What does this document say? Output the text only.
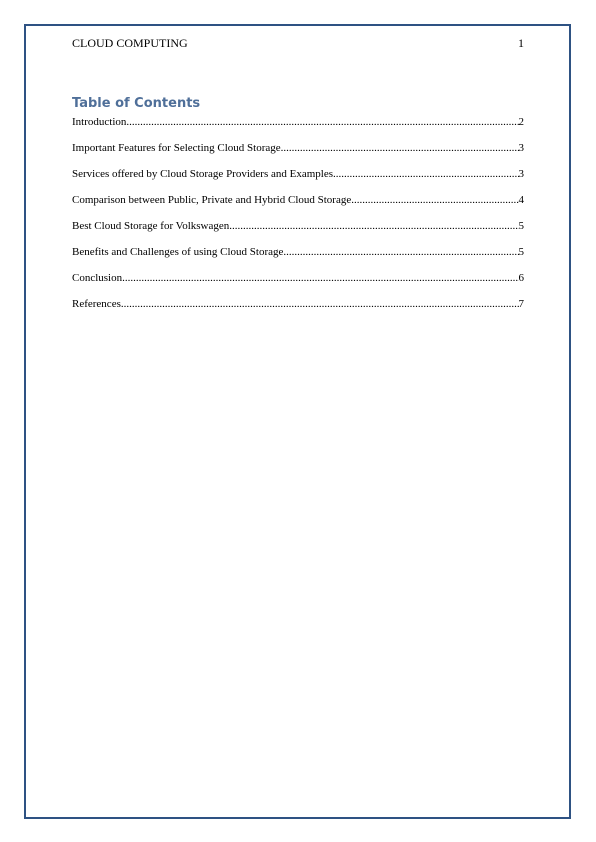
CLOUD COMPUTING	1
Table of Contents
Introduction .....	2
Important Features for Selecting Cloud Storage .....	3
Services offered by Cloud Storage Providers and Examples .....	3
Comparison between Public, Private and Hybrid Cloud Storage .....	4
Best Cloud Storage for Volkswagen .....	5
Benefits and Challenges of using Cloud Storage .....	5
Conclusion .....	6
References .....	7
